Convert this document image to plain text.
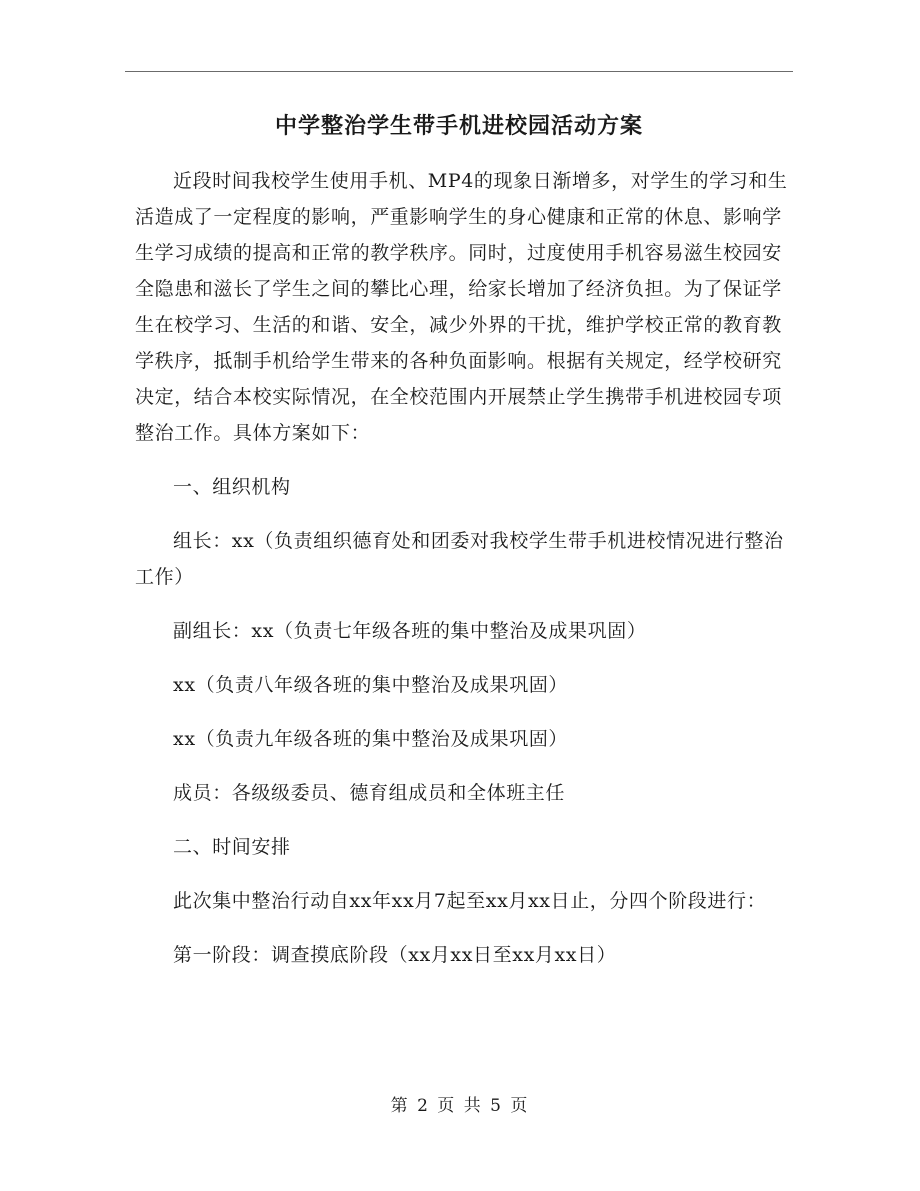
中学整治学生带手机进校园活动方案

近段时间我校学生使用手机、MP4的现象日渐增多，对学生的学习和生活造成了一定程度的影响，严重影响学生的身心健康和正常的休息、影响学生学习成绩的提高和正常的教学秩序。同时，过度使用手机容易滋生校园安全隐患和滋长了学生之间的攀比心理，给家长增加了经济负担。为了保证学生在校学习、生活的和谐、安全，减少外界的干扰，维护学校正常的教育教学秩序，抵制手机给学生带来的各种负面影响。根据有关规定，经学校研究决定，结合本校实际情况，在全校范围内开展禁止学生携带手机进校园专项整治工作。具体方案如下：

一、组织机构

组长：xx（负责组织德育处和团委对我校学生带手机进校情况进行整治工作）

副组长：xx（负责七年级各班的集中整治及成果巩固）

xx（负责八年级各班的集中整治及成果巩固）

xx（负责九年级各班的集中整治及成果巩固）

成员：各级级委员、德育组成员和全体班主任

二、时间安排

此次集中整治行动自xx年xx月7起至xx月xx日止，分四个阶段进行：

第一阶段：调查摸底阶段（xx月xx日至xx月xx日）

第 2 页 共 5 页
